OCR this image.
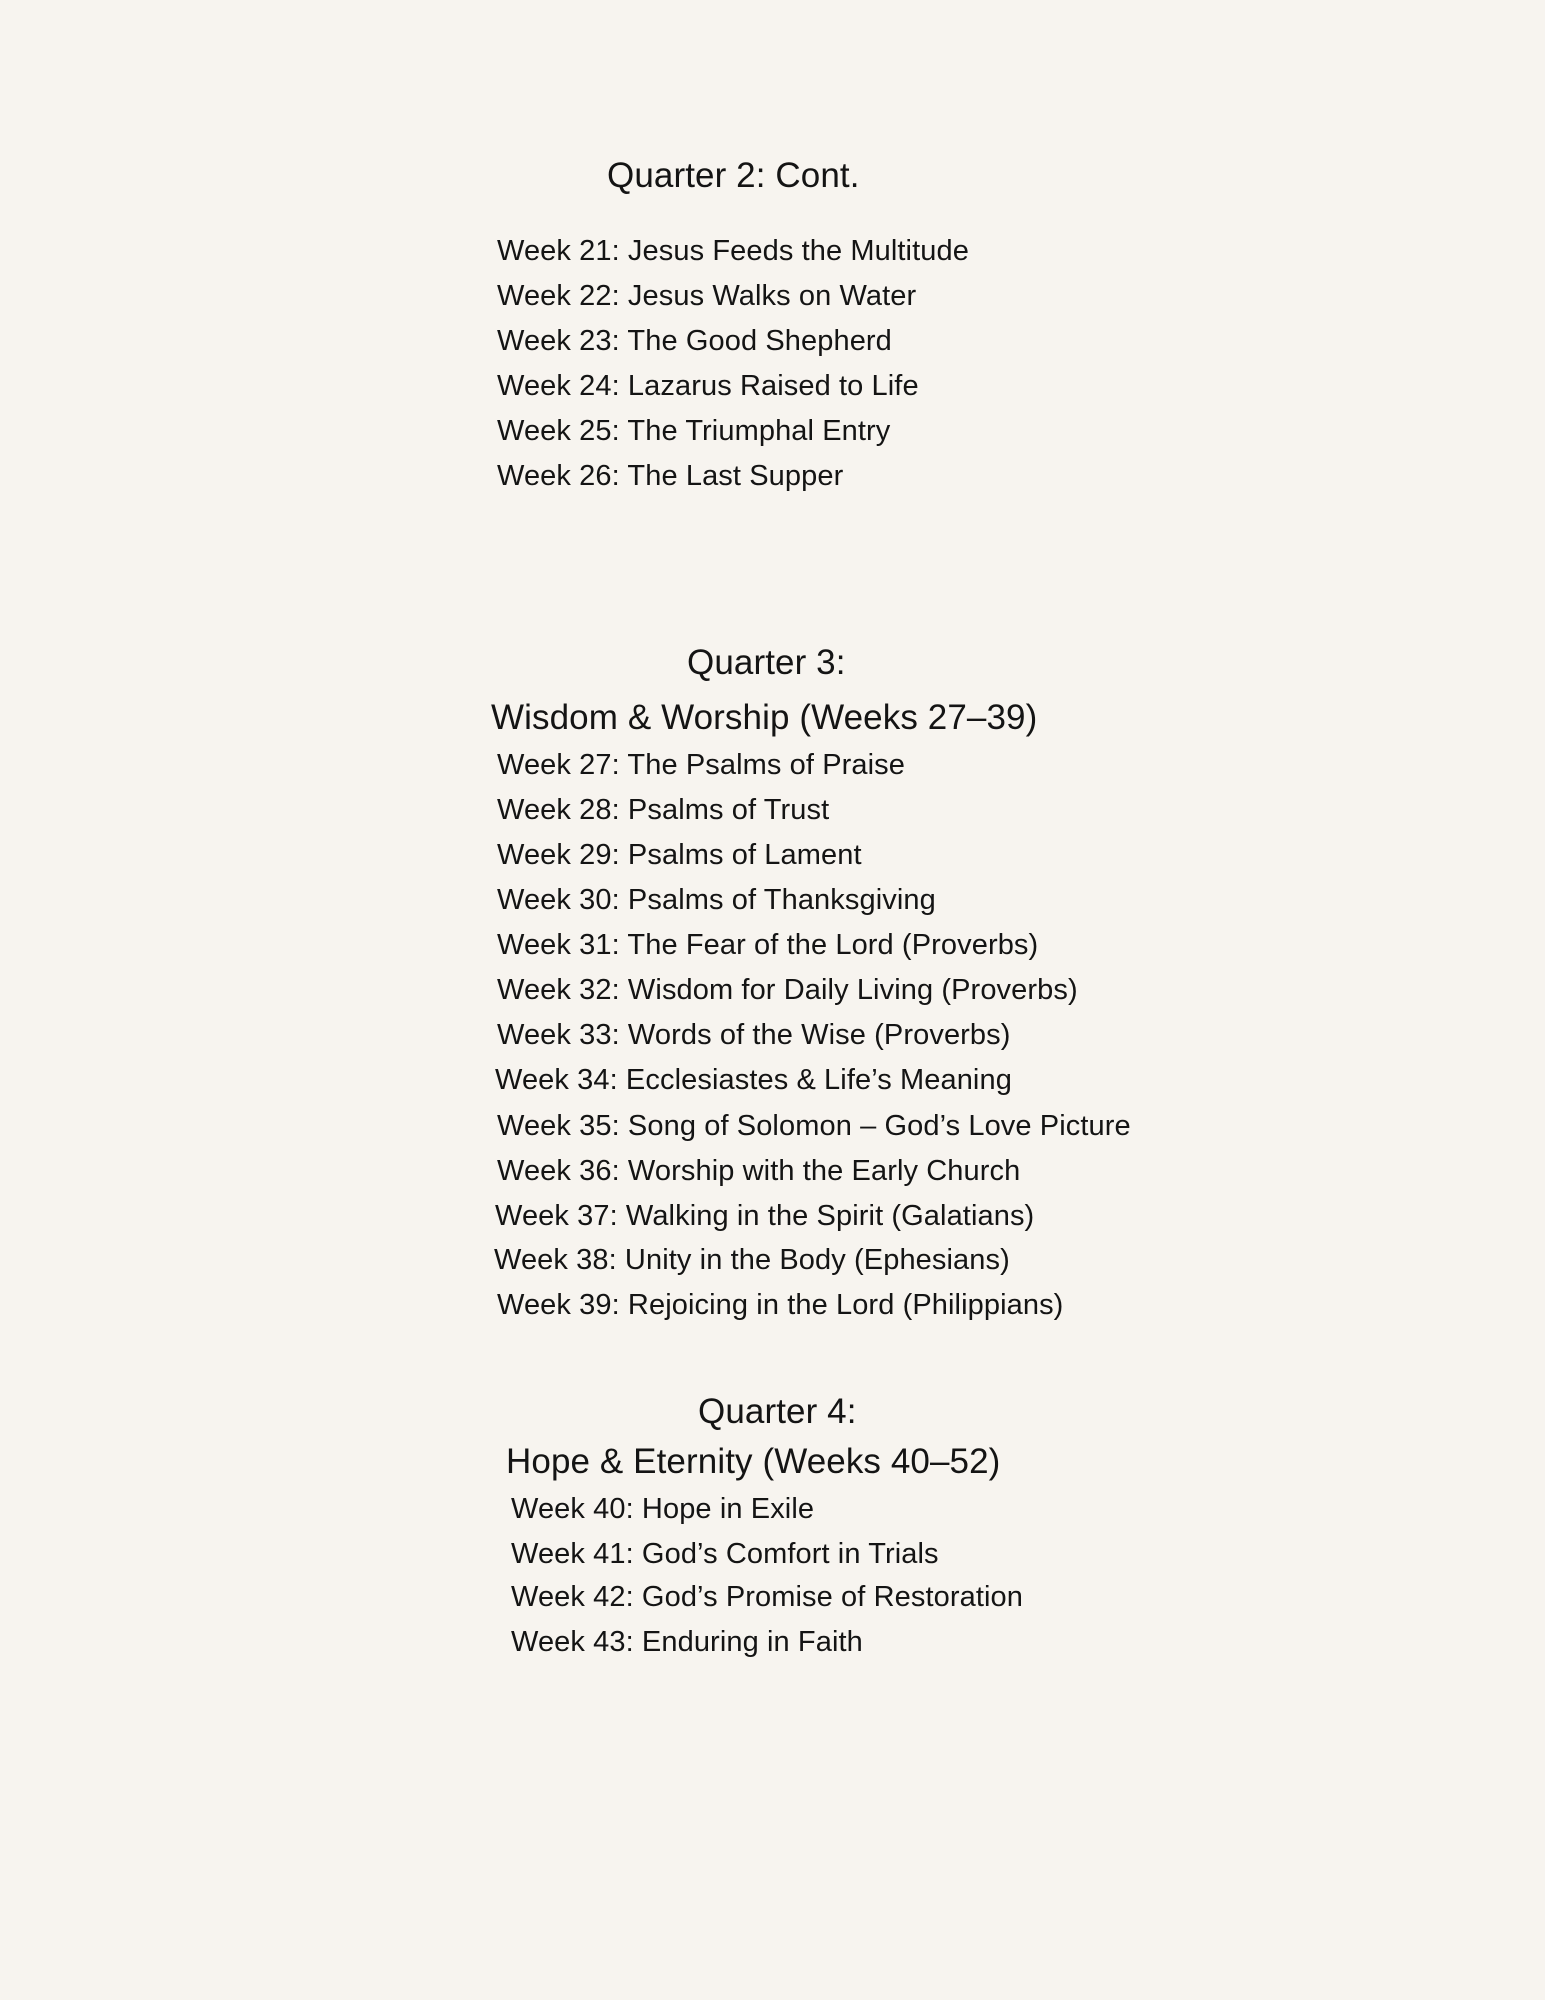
Quarter 2: Cont.
Week 21: Jesus Feeds the Multitude
Week 22: Jesus Walks on Water
Week 23: The Good Shepherd
Week 24: Lazarus Raised to Life
Week 25: The Triumphal Entry
Week 26: The Last Supper
Quarter 3:
Wisdom & Worship (Weeks 27–39)
Week 27: The Psalms of Praise
Week 28: Psalms of Trust
Week 29: Psalms of Lament
Week 30: Psalms of Thanksgiving
Week 31: The Fear of the Lord (Proverbs)
Week 32: Wisdom for Daily Living (Proverbs)
Week 33: Words of the Wise (Proverbs)
Week 34: Ecclesiastes & Life’s Meaning
Week 35: Song of Solomon – God’s Love Picture
Week 36: Worship with the Early Church
Week 37: Walking in the Spirit (Galatians)
Week 38: Unity in the Body (Ephesians)
Week 39: Rejoicing in the Lord (Philippians)
Quarter 4:
Hope & Eternity (Weeks 40–52)
Week 40: Hope in Exile
Week 41: God’s Comfort in Trials
Week 42: God’s Promise of Restoration
Week 43: Enduring in Faith
